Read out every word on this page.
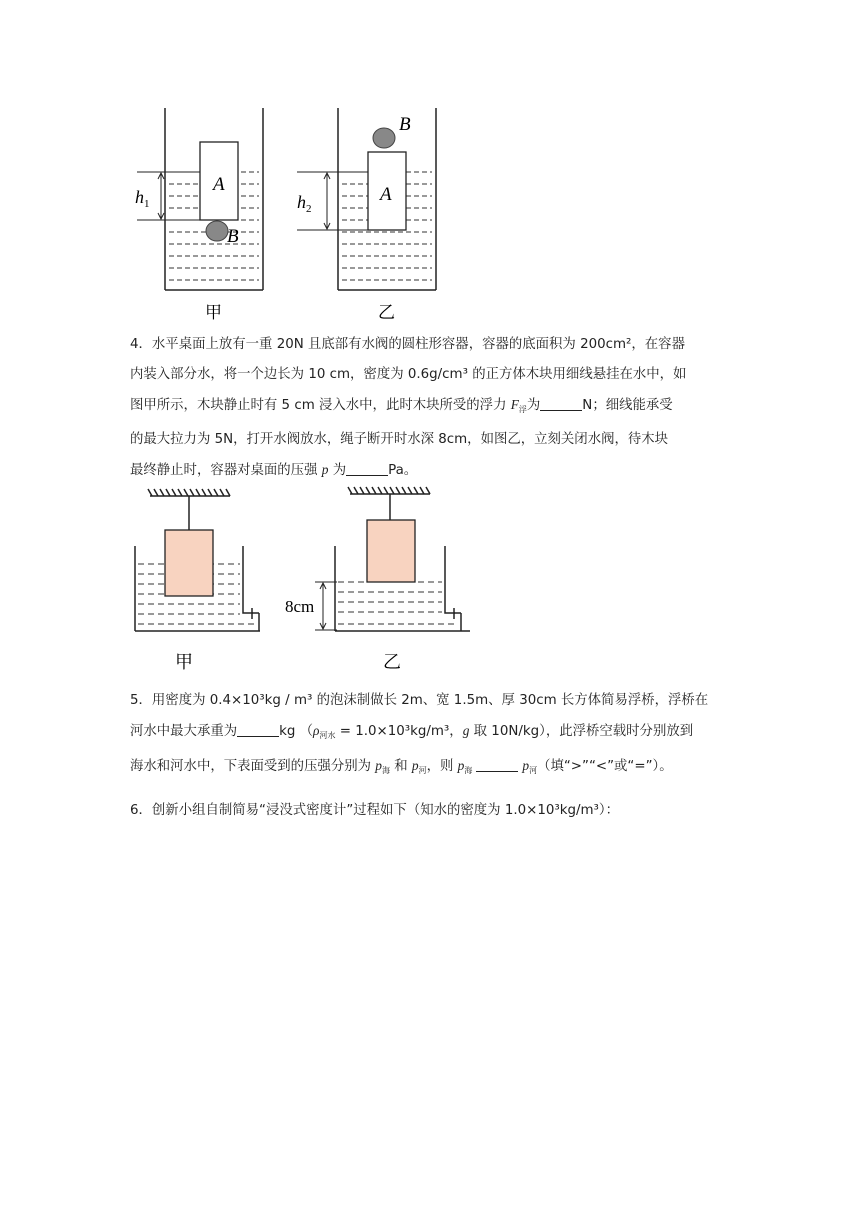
A
B
$h_1$
甲
A
B
$h_2$
乙

4．水平桌面上放有一重 20N 且底部有水阀的圆柱形容器，容器的底面积为 200cm²，在容器
内装入部分水，将一个边长为 10 cm，密度为 0.6g/cm³ 的正方体木块用细线悬挂在水中，如
图甲所示，木块静止时有 5 cm 浸入水中，此时木块所受的浮力 $F_浮$为	N；细线能承受
的最大拉力为 5N，打开水阀放水，绳子断开时水深 8cm，如图乙，立刻关闭水阀，待木块
最终静止时，容器对桌面的压强 p 为	Pa。

甲
8cm
乙

5．用密度为 0.4×10³kg / m³ 的泡沫制做长 2m、宽 1.5m、厚 30cm 长方体简易浮桥，浮桥在
河水中最大承重为	kg （$\rho_{河水} = 1.0\times 10^3kg/m^3$，g 取 10N/kg），此浮桥空载时分别放到
海水和河水中，下表面受到的压强分别为 $p_海$ 和 $p_河$，则 $p_海$	$p_河$（填“>”“<”或“=”）。

6．创新小组自制简易“浸没式密度计”过程如下（知水的密度为 1.0×10³kg/m³）：
